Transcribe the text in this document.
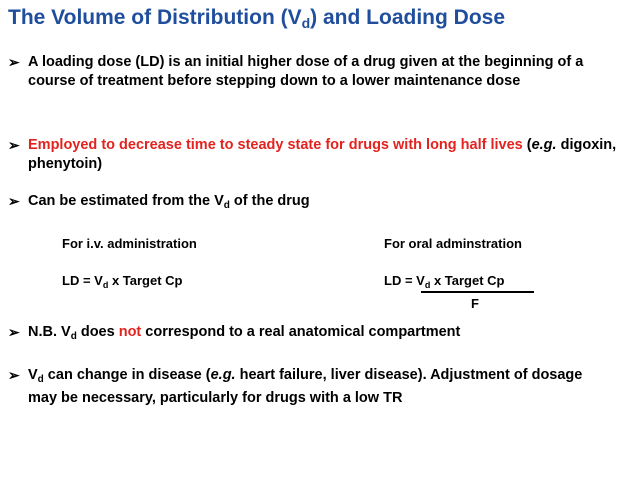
The Volume of Distribution $(V_d)$ and Loading Dose
➢ A loading dose (LD) is an initial higher dose of a drug given at the beginning of a course of treatment before stepping down to a lower maintenance dose
➢ Employed to decrease time to steady state for drugs with long half lives (e.g. digoxin, phenytoin)
➢ Can be estimated from the $V_d$ of the drug
For i.v. administration
LD = $V_d$ x Target Cp
For oral adminstration
LD = $V_d$ x Target Cp
F
➢ N.B. $V_d$ does not correspond to a real anatomical compartment
➢ $V_d$ can change in disease (e.g. heart failure, liver disease). Adjustment of dosage may be necessary, particularly for drugs with a low TR
